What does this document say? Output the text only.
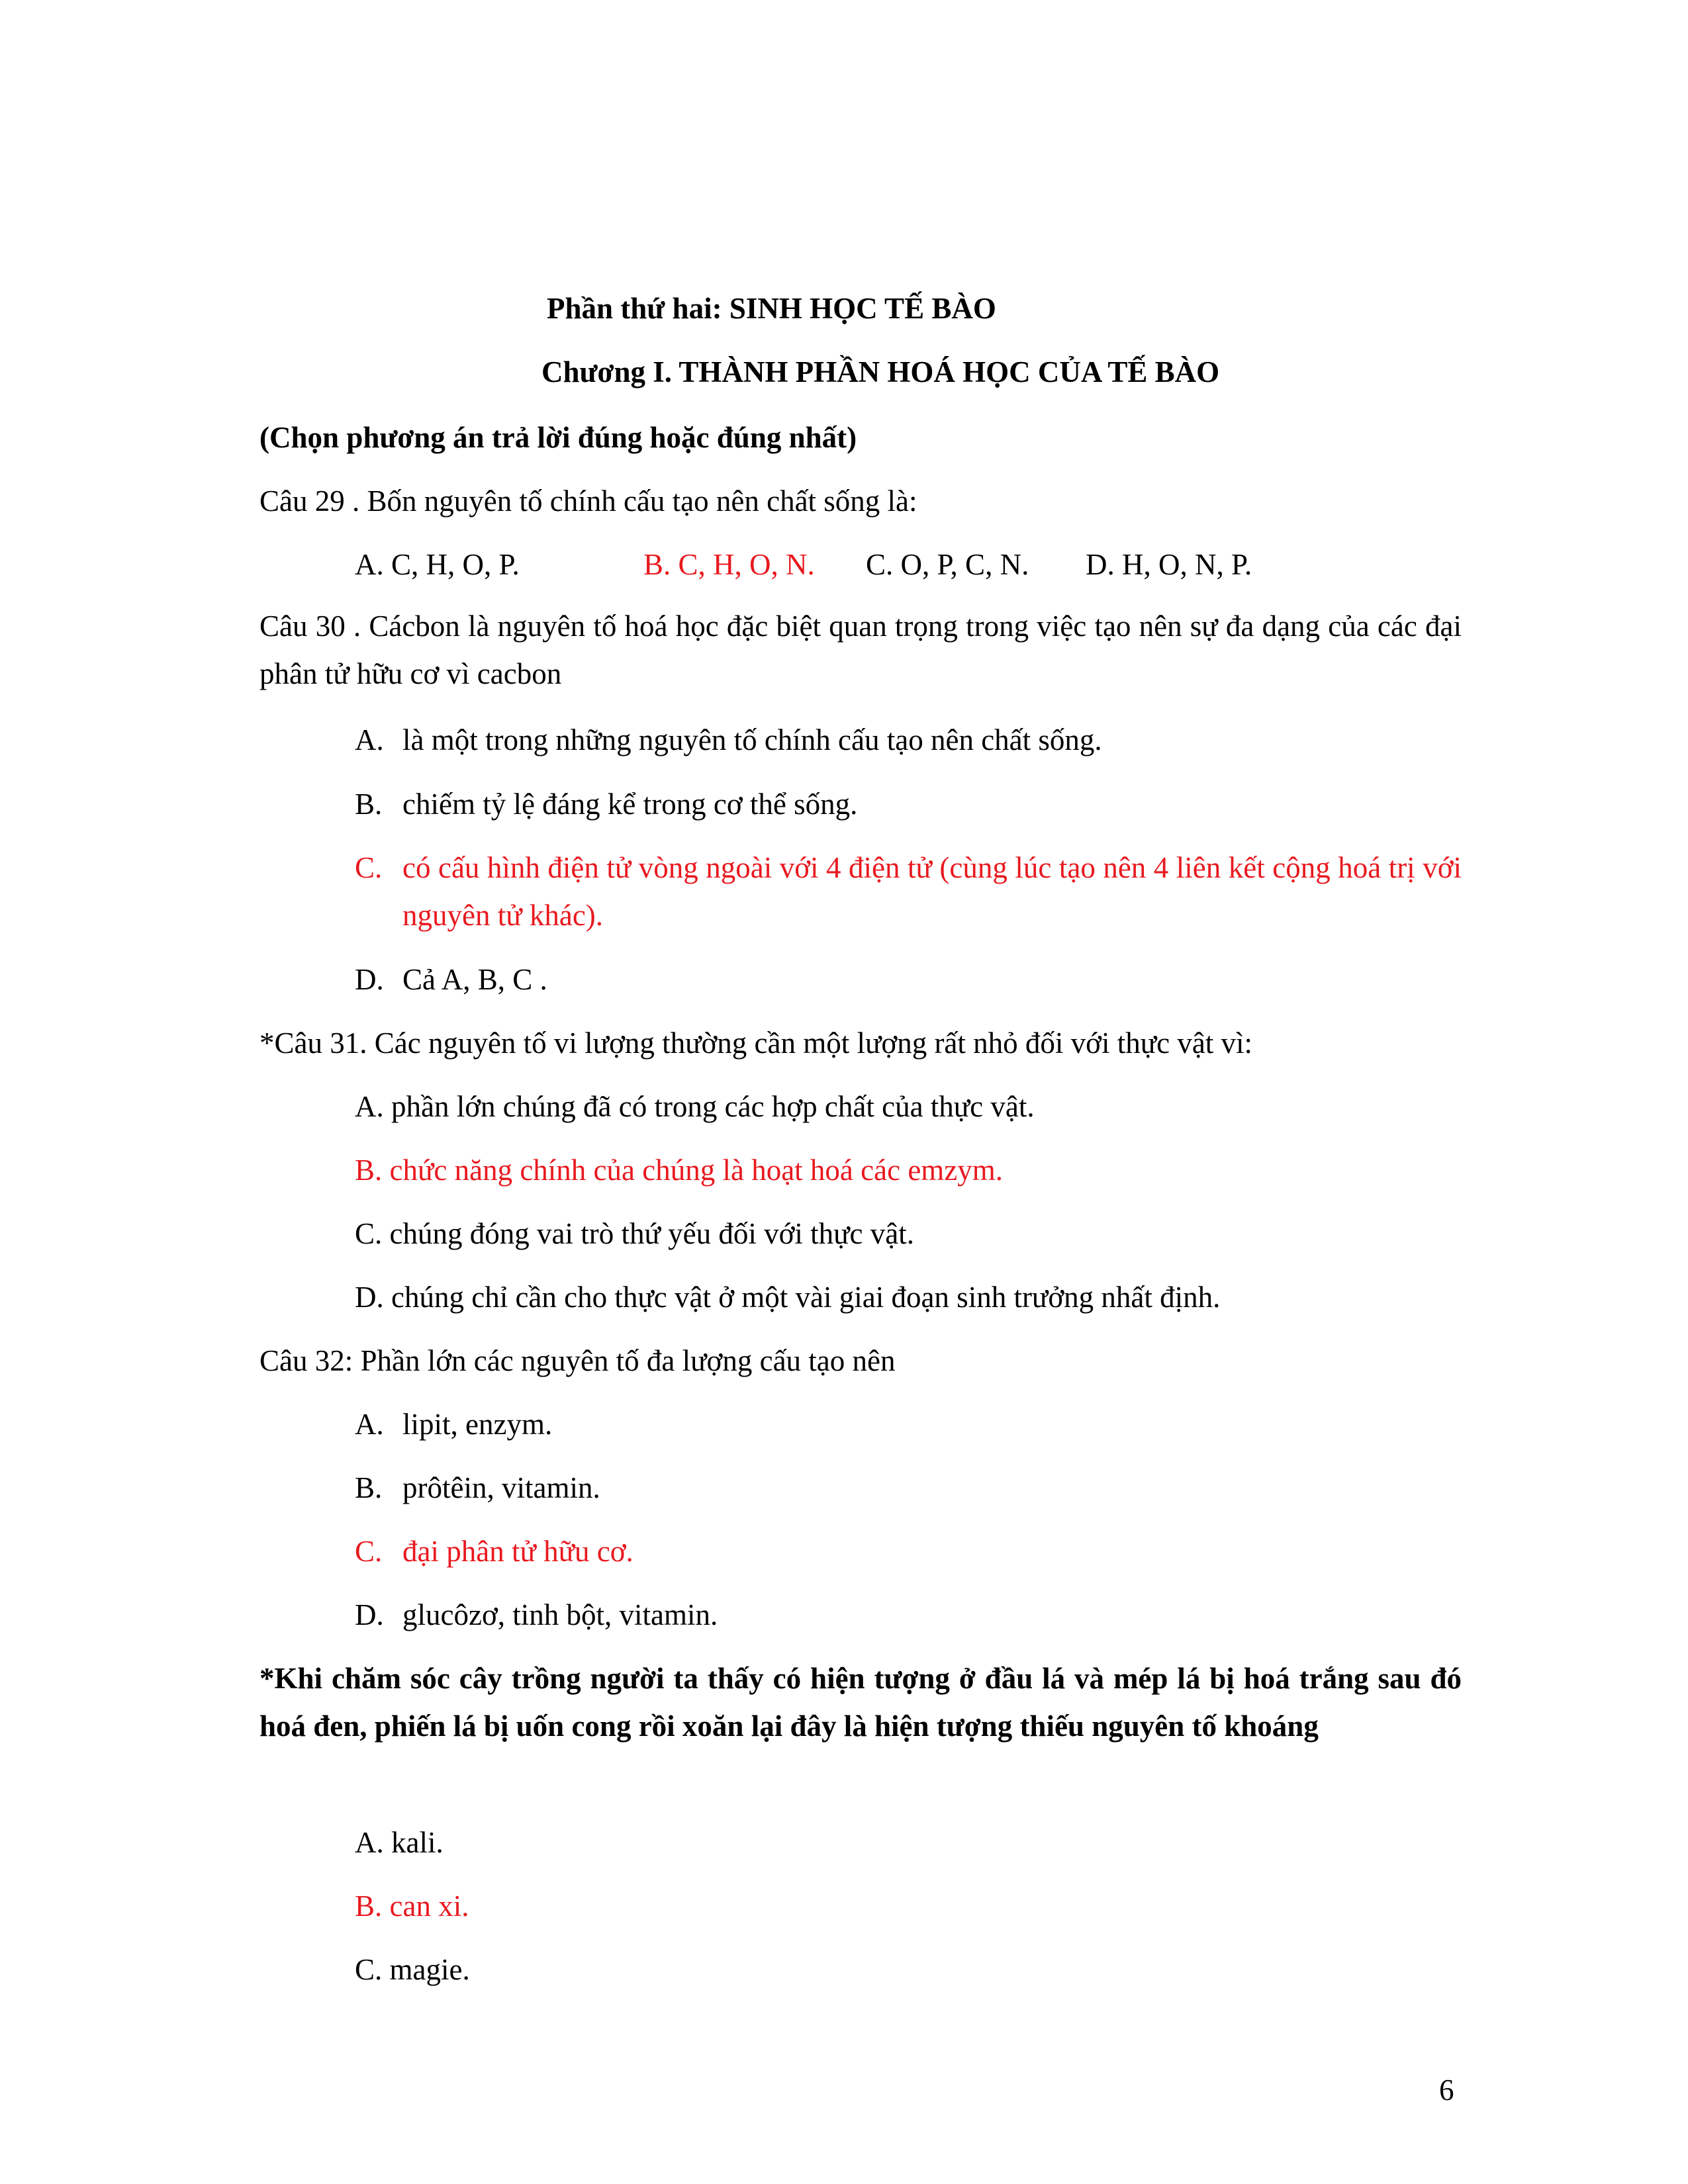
Phần thứ hai: SINH HỌC TẾ BÀO
Chương I. THÀNH PHẦN HOÁ HỌC CỦA TẾ BÀO
(Chọn phương án trả lời đúng hoặc đúng nhất)
Câu 29 . Bốn nguyên tố chính cấu tạo nên chất sống là:
A. C, H, O, P.	B. C, H, O, N. C. O, P, C, N. D. H, O, N, P.
Câu 30 . Cácbon là nguyên tố hoá học đặc biệt quan trọng trong việc tạo nên sự đa dạng của các đại phân tử hữu cơ vì cacbon
A. là một trong những nguyên tố chính cấu tạo nên chất sống.
B. chiếm tỷ lệ đáng kể trong cơ thể sống.
C. có cấu hình điện tử vòng ngoài với 4 điện tử (cùng lúc tạo nên 4 liên kết cộng hoá trị với nguyên tử khác).
D. Cả A, B, C .
*Câu 31. Các nguyên tố vi lượng thường cần một lượng rất nhỏ đối với thực vật vì:
A. phần lớn chúng đã có trong các hợp chất của thực vật.
B. chức năng chính của chúng là hoạt hoá các emzym.
C. chúng đóng vai trò thứ yếu đối với thực vật.
D. chúng chỉ cần cho thực vật ở một vài giai đoạn sinh trưởng nhất định.
Câu 32: Phần lớn các nguyên tố đa lượng cấu tạo nên
A. lipit, enzym.
B. prôtêin, vitamin.
C. đại phân tử hữu cơ.
D. glucôzơ, tinh bột, vitamin.
*Khi chăm sóc cây trồng người ta thấy có hiện tượng ở đầu lá và mép lá bị hoá trắng sau đó hoá đen, phiến lá bị uốn cong rồi xoăn lại đây là hiện tượng thiếu nguyên tố khoáng
A. kali.
B. can xi.
C. magie.
6
